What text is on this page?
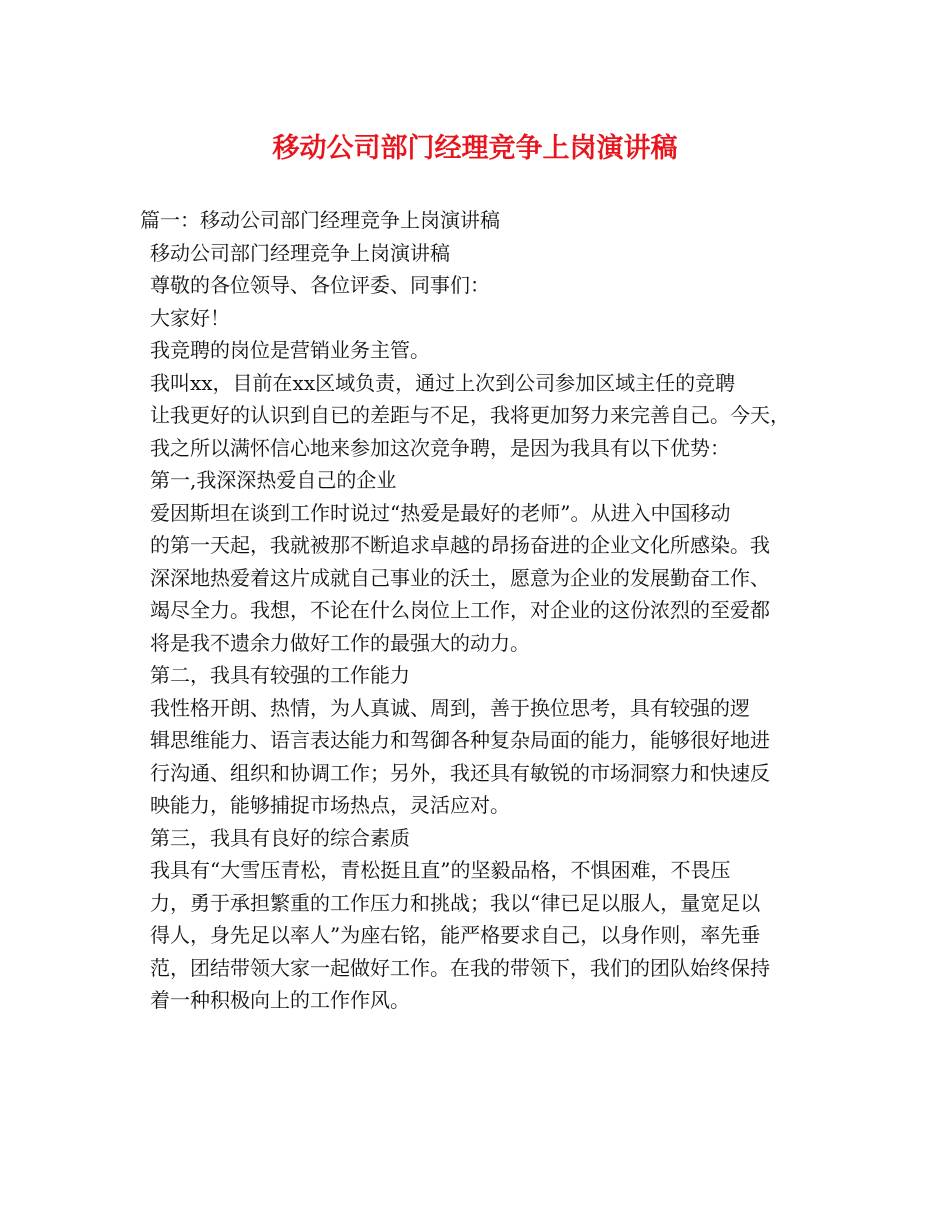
移动公司部门经理竞争上岗演讲稿

篇一：移动公司部门经理竞争上岗演讲稿

移动公司部门经理竞争上岗演讲稿

尊敬的各位领导、各位评委、同事们：

大家好！

我竞聘的岗位是营销业务主管。

我叫xx，目前在xx区域负责，通过上次到公司参加区域主任的竞聘
让我更好的认识到自已的差距与不足，我将更加努力来完善自己。今天，
我之所以满怀信心地来参加这次竞争聘，是因为我具有以下优势：

第一,我深深热爱自己的企业

爱因斯坦在谈到工作时说过“热爱是最好的老师”。从进入中国移动
的第一天起，我就被那不断追求卓越的昂扬奋进的企业文化所感染。我
深深地热爱着这片成就自己事业的沃土，愿意为企业的发展勤奋工作、
竭尽全力。我想，不论在什么岗位上工作，对企业的这份浓烈的至爱都
将是我不遗余力做好工作的最强大的动力。

第二，我具有较强的工作能力

我性格开朗、热情，为人真诚、周到，善于换位思考，具有较强的逻
辑思维能力、语言表达能力和驾御各种复杂局面的能力，能够很好地进
行沟通、组织和协调工作；另外，我还具有敏锐的市场洞察力和快速反
映能力，能够捕捉市场热点，灵活应对。

第三，我具有良好的综合素质

我具有“大雪压青松，青松挺且直”的坚毅品格，不惧困难，不畏压
力，勇于承担繁重的工作压力和挑战；我以“律已足以服人，量宽足以
得人，身先足以率人”为座右铭，能严格要求自己，以身作则，率先垂
范，团结带领大家一起做好工作。在我的带领下，我们的团队始终保持
着一种积极向上的工作作风。
